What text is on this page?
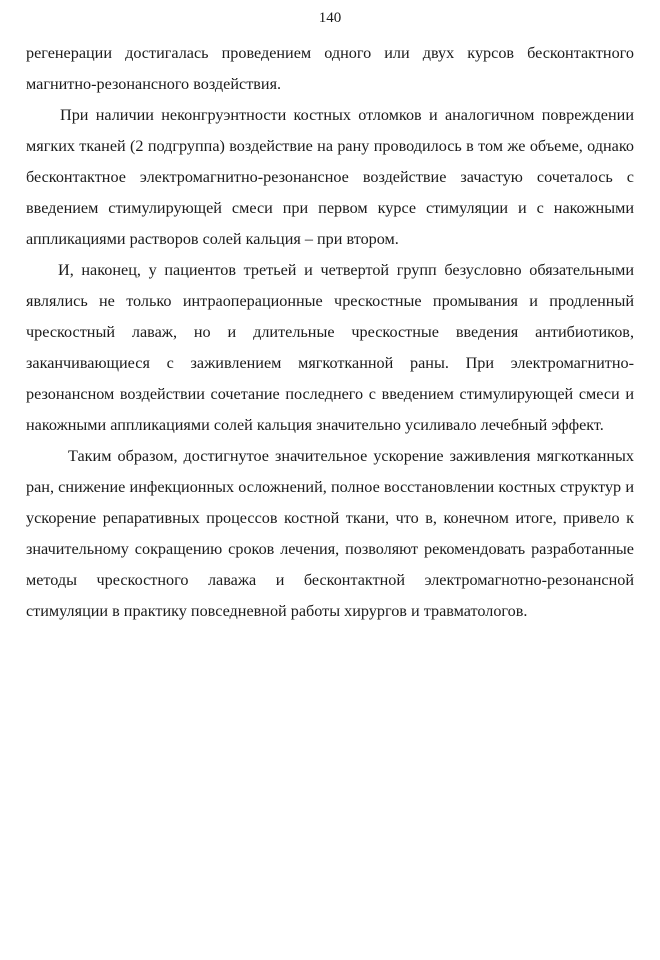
140

регенерации достигалась проведением одного или двух курсов бесконтактного магнитно-резонансного воздействия.

При наличии неконгруэнтности костных отломков и аналогичном повреждении мягких тканей (2 подгруппа) воздействие на рану проводилось в том же объеме, однако бесконтактное электромагнитно-резонансное воздействие зачастую сочеталось с введением стимулирующей смеси при первом курсе стимуляции и с накожными аппликациями растворов солей кальция – при втором.

И, наконец, у пациентов третьей и четвертой групп безусловно обязательными являлись не только интраоперационные чрескостные промывания и продленный чрескостный лаваж, но и длительные чрескостные введения антибиотиков, заканчивающиеся с заживлением мягкотканной раны. При электромагнитно-резонансном воздействии сочетание последнего с введением стимулирующей смеси и накожными аппликациями солей кальция значительно усиливало лечебный эффект.

Таким образом, достигнутое значительное ускорение заживления мягкотканных ран, снижение инфекционных осложнений, полное восстановлении костных структур и ускорение репаративных процессов костной ткани, что в, конечном итоге, привело к значительному сокращению сроков лечения, позволяют рекомендовать разработанные методы чрескостного лаважа и бесконтактной электромагнотно-резонансной стимуляции в практику повседневной работы хирургов и травматологов.
